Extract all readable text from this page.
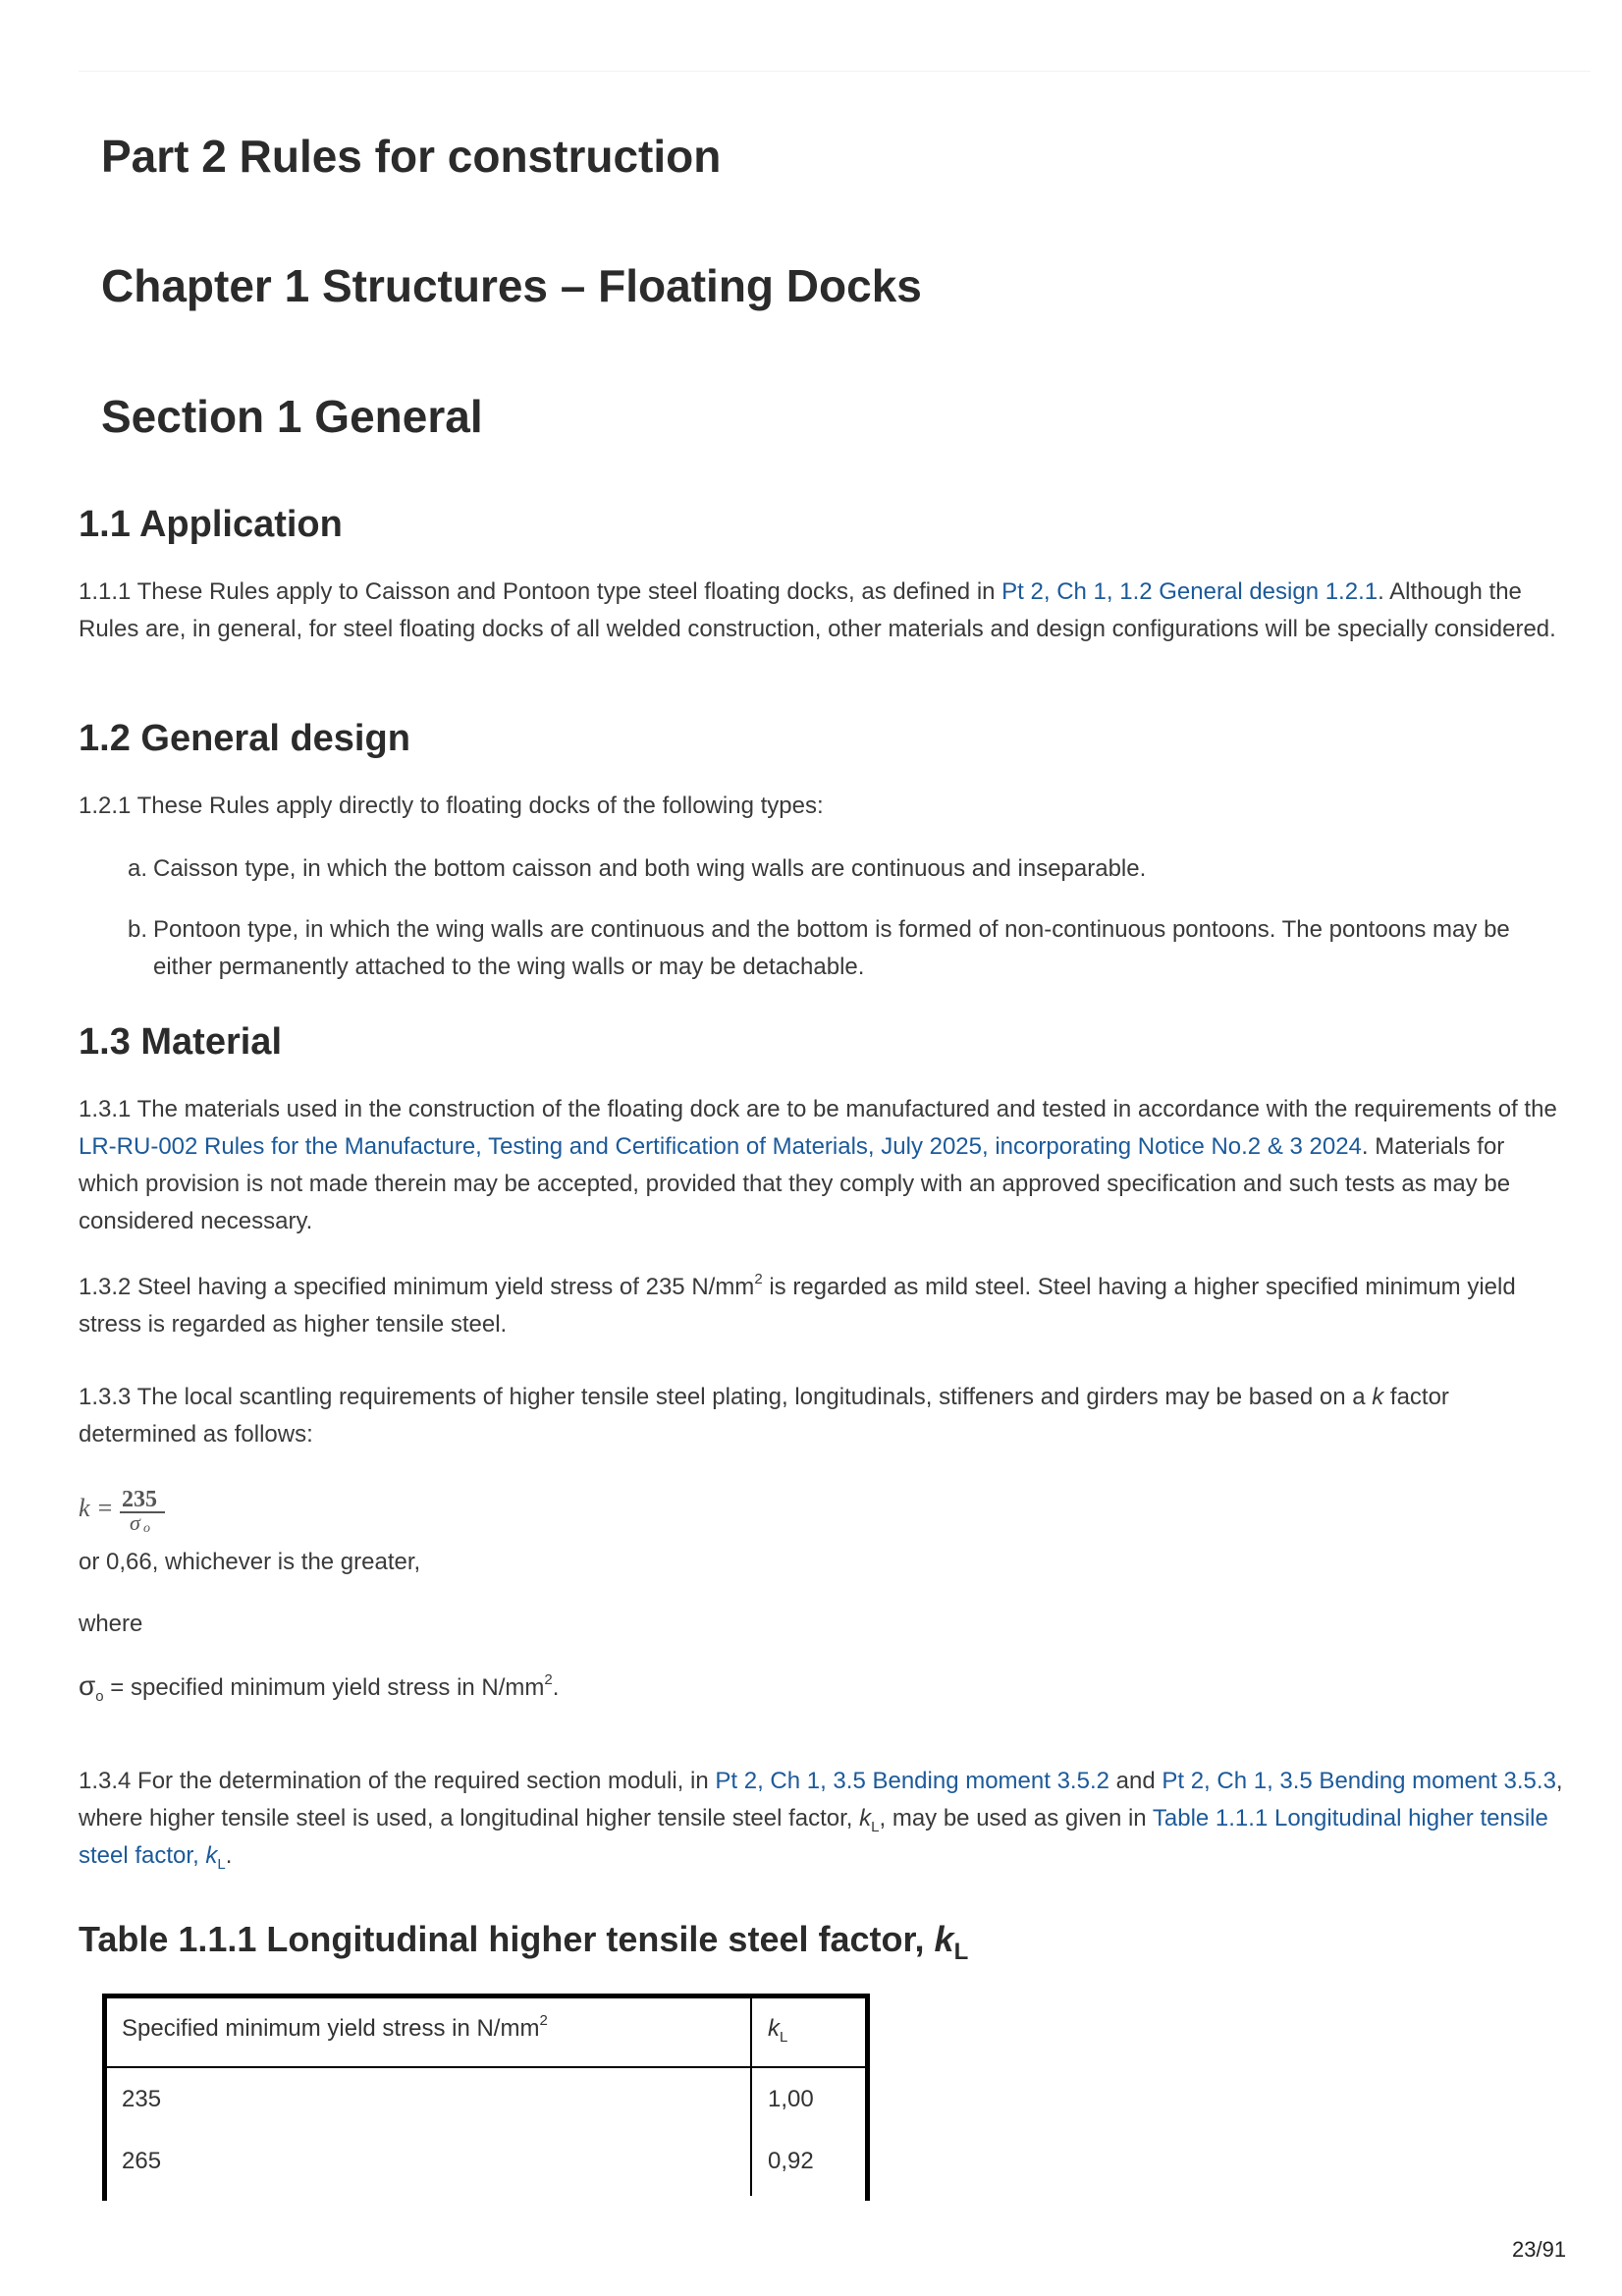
Part 2 Rules for construction
Chapter 1 Structures – Floating Docks
Section 1 General
1.1 Application

1.1.1 These Rules apply to Caisson and Pontoon type steel floating docks, as defined in Pt 2, Ch 1, 1.2 General design 1.2.1. Although the Rules are, in general, for steel floating docks of all welded construction, other materials and design configurations will be specially considered.

1.2 General design

1.2.1 These Rules apply directly to floating docks of the following types:

a. Caisson type, in which the bottom caisson and both wing walls are continuous and inseparable.

b. Pontoon type, in which the wing walls are continuous and the bottom is formed of non-continuous pontoons. The pontoons may be either permanently attached to the wing walls or may be detachable.

1.3 Material

1.3.1 The materials used in the construction of the floating dock are to be manufactured and tested in accordance with the requirements of the LR-RU-002 Rules for the Manufacture, Testing and Certification of Materials, July 2025, incorporating Notice No.2 & 3 2024. Materials for which provision is not made therein may be accepted, provided that they comply with an approved specification and such tests as may be considered necessary.

1.3.2 Steel having a specified minimum yield stress of 235 $N/mm^2$ is regarded as mild steel. Steel having a higher specified minimum yield stress is regarded as higher tensile steel.

1.3.3 The local scantling requirements of higher tensile steel plating, longitudinals, stiffeners and girders may be based on a k factor determined as follows:

k = 235
σ o

or 0,66, whichever is the greater,

where

$\sigma_o$ = specified minimum yield stress in $N/mm^2$.

1.3.4 For the determination of the required section moduli, in Pt 2, Ch 1, 3.5 Bending moment 3.5.2 and Pt 2, Ch 1, 3.5 Bending moment 3.5.3, where higher tensile steel is used, a longitudinal higher tensile steel factor, $k_L$, may be used as given in Table 1.1.1 Longitudinal higher tensile steel factor, $k_L$.

Table 1.1.1 Longitudinal higher tensile steel factor, $k_L$
Specified minimum yield stress in $N/mm^2$	$k_L$
235	1,00
265	0,92
23/91
